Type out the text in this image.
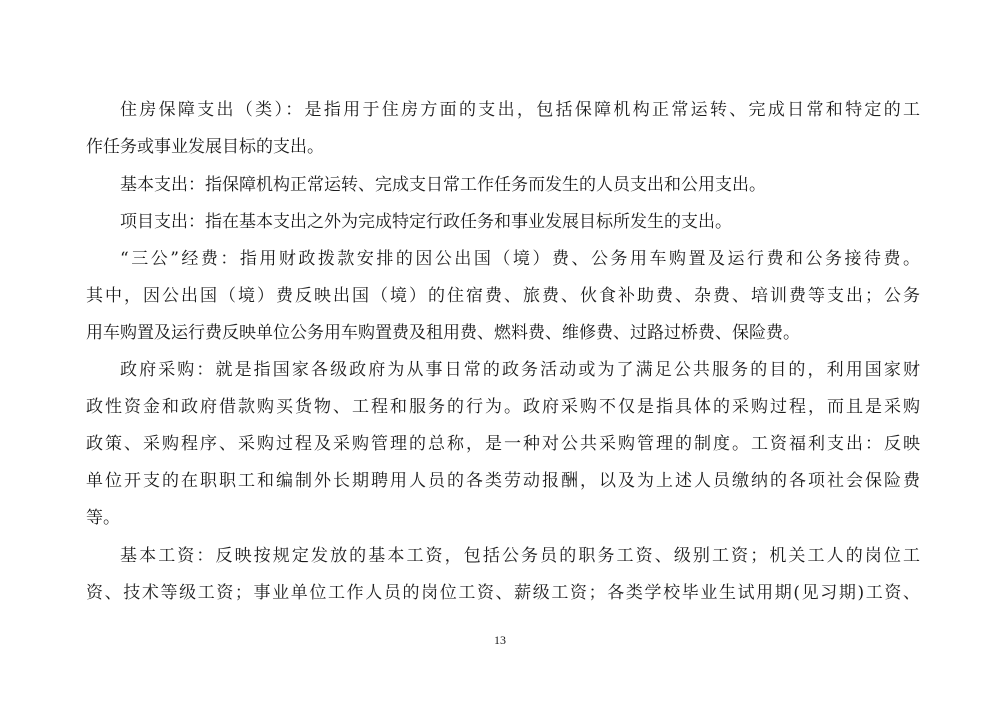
住房保障支出（类）：是指用于住房方面的支出，包括保障机构正常运转、完成日常和特定的工
作任务或事业发展目标的支出。
基本支出：指保障机构正常运转、完成支日常工作任务而发生的人员支出和公用支出。
项目支出：指在基本支出之外为完成特定行政任务和事业发展目标所发生的支出。
“三公”经费：指用财政拨款安排的因公出国（境）费、公务用车购置及运行费和公务接待费。
其中，因公出国（境）费反映出国（境）的住宿费、旅费、伙食补助费、杂费、培训费等支出；公务
用车购置及运行费反映单位公务用车购置费及租用费、燃料费、维修费、过路过桥费、保险费。
政府采购：就是指国家各级政府为从事日常的政务活动或为了满足公共服务的目的，利用国家财
政性资金和政府借款购买货物、工程和服务的行为。政府采购不仅是指具体的采购过程，而且是采购
政策、采购程序、采购过程及采购管理的总称，是一种对公共采购管理的制度。工资福利支出：反映
单位开支的在职职工和编制外长期聘用人员的各类劳动报酬，以及为上述人员缴纳的各项社会保险费
等。
基本工资：反映按规定发放的基本工资，包括公务员的职务工资、级别工资；机关工人的岗位工
资、技术等级工资；事业单位工作人员的岗位工资、薪级工资；各类学校毕业生试用期(见习期)工资、
13
